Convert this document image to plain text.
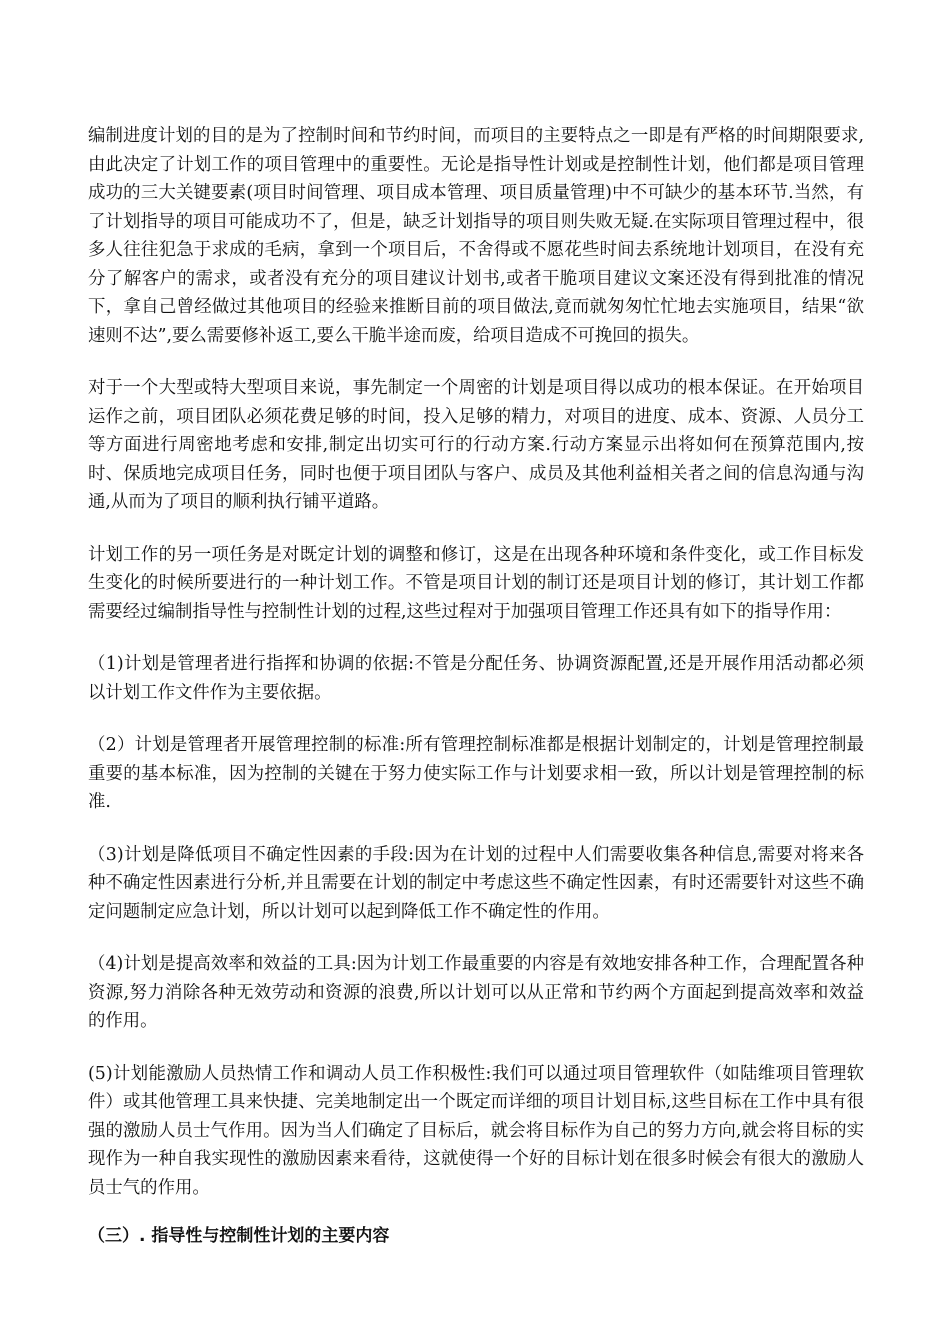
编制进度计划的目的是为了控制时间和节约时间，而项目的主要特点之一即是有严格的时间期限要求,由此决定了计划工作的项目管理中的重要性。无论是指导性计划或是控制性计划，他们都是项目管理成功的三大关键要素(项目时间管理、项目成本管理、项目质量管理)中不可缺少的基本环节.当然，有了计划指导的项目可能成功不了，但是，缺乏计划指导的项目则失败无疑.在实际项目管理过程中，很多人往往犯急于求成的毛病，拿到一个项目后，不舍得或不愿花些时间去系统地计划项目，在没有充分了解客户的需求，或者没有充分的项目建议计划书,或者干脆项目建议文案还没有得到批准的情况下，拿自己曾经做过其他项目的经验来推断目前的项目做法,竟而就匆匆忙忙地去实施项目，结果“欲速则不达”,要么需要修补返工,要么干脆半途而废，给项目造成不可挽回的损失。

对于一个大型或特大型项目来说，事先制定一个周密的计划是项目得以成功的根本保证。在开始项目运作之前，项目团队必须花费足够的时间，投入足够的精力，对项目的进度、成本、资源、人员分工等方面进行周密地考虑和安排,制定出切实可行的行动方案.行动方案显示出将如何在预算范围内,按时、保质地完成项目任务，同时也便于项目团队与客户、成员及其他利益相关者之间的信息沟通与沟通,从而为了项目的顺利执行铺平道路。

计划工作的另一项任务是对既定计划的调整和修订，这是在出现各种环境和条件变化，或工作目标发生变化的时候所要进行的一种计划工作。不管是项目计划的制订还是项目计划的修订，其计划工作都需要经过编制指导性与控制性计划的过程,这些过程对于加强项目管理工作还具有如下的指导作用：

（1)计划是管理者进行指挥和协调的依据:不管是分配任务、协调资源配置,还是开展作用活动都必须以计划工作文件作为主要依据。

（2）计划是管理者开展管理控制的标准:所有管理控制标准都是根据计划制定的，计划是管理控制最重要的基本标准，因为控制的关键在于努力使实际工作与计划要求相一致，所以计划是管理控制的标准.

（3)计划是降低项目不确定性因素的手段:因为在计划的过程中人们需要收集各种信息,需要对将来各种不确定性因素进行分析,并且需要在计划的制定中考虑这些不确定性因素，有时还需要针对这些不确定问题制定应急计划，所以计划可以起到降低工作不确定性的作用。

（4)计划是提高效率和效益的工具:因为计划工作最重要的内容是有效地安排各种工作，合理配置各种资源,努力消除各种无效劳动和资源的浪费,所以计划可以从正常和节约两个方面起到提高效率和效益的作用。

(5)计划能激励人员热情工作和调动人员工作积极性:我们可以通过项目管理软件（如陆维项目管理软件）或其他管理工具来快捷、完美地制定出一个既定而详细的项目计划目标,这些目标在工作中具有很强的激励人员士气作用。因为当人们确定了目标后，就会将目标作为自己的努力方向,就会将目标的实现作为一种自我实现性的激励因素来看待，这就使得一个好的目标计划在很多时候会有很大的激励人员士气的作用。

（三）. 指导性与控制性计划的主要内容
